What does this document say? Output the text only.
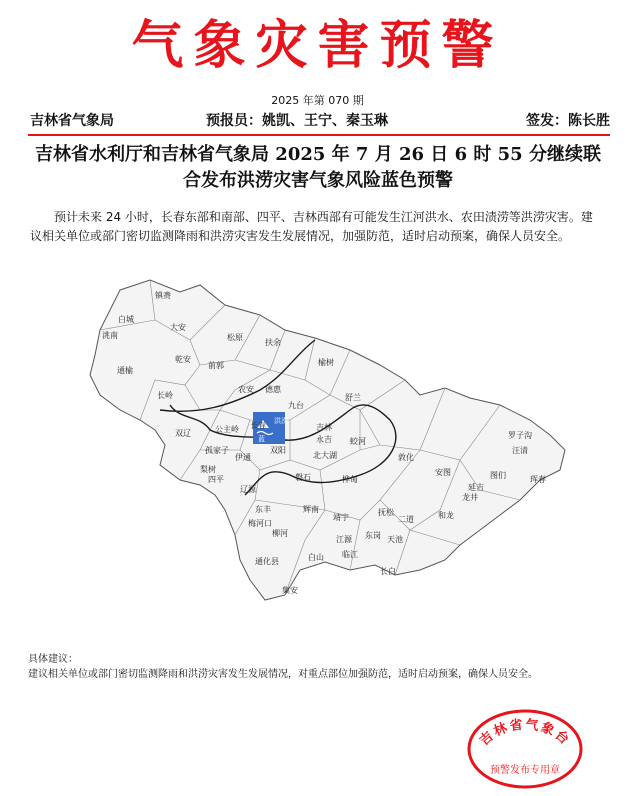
气象灾害预警
2025 年第 070 期
吉林省气象局	预报员：姚凯、王宁、秦玉琳	签发：陈长胜
吉林省水利厅和吉林省气象局 2025 年 7 月 26 日 6 时 55 分继续联
合发布洪涝灾害气象风险蓝色预警
预计未来 24 小时，长春东部和南部、四平、吉林西部有可能发生江河洪水、农田渍涝等洪涝灾害。建议相关单位或部门密切监测降雨和洪涝灾害发生发展情况，加强防范，适时启动预案，确保人员安全。
洪涝
蓝
镇赉
白城
洮南
大安
松原
扶余
乾安
前郭	榆树
通榆
农安 德惠
长岭	舒兰
九台
双辽	公主岭 长春	吉林
永吉 蛟河
罗子沟
孤家子
伊通
双阳	汪清
梨树
四平
北大湖	敦化
磐石	桦甸	图们
安图
延吉
辽源
东丰
龙井
珲春
辉南
梅河口
柳河
靖宇
抚松
二道	和龙
江源
白山
东岗 天池
通化县
临江
集安
长白
具体建议：
建议相关单位或部门密切监测降雨和洪涝灾害发生发展情况，对重点部位加强防范，适时启动预案，确保人员安全。
吉林省气象台
预警发布专用章
